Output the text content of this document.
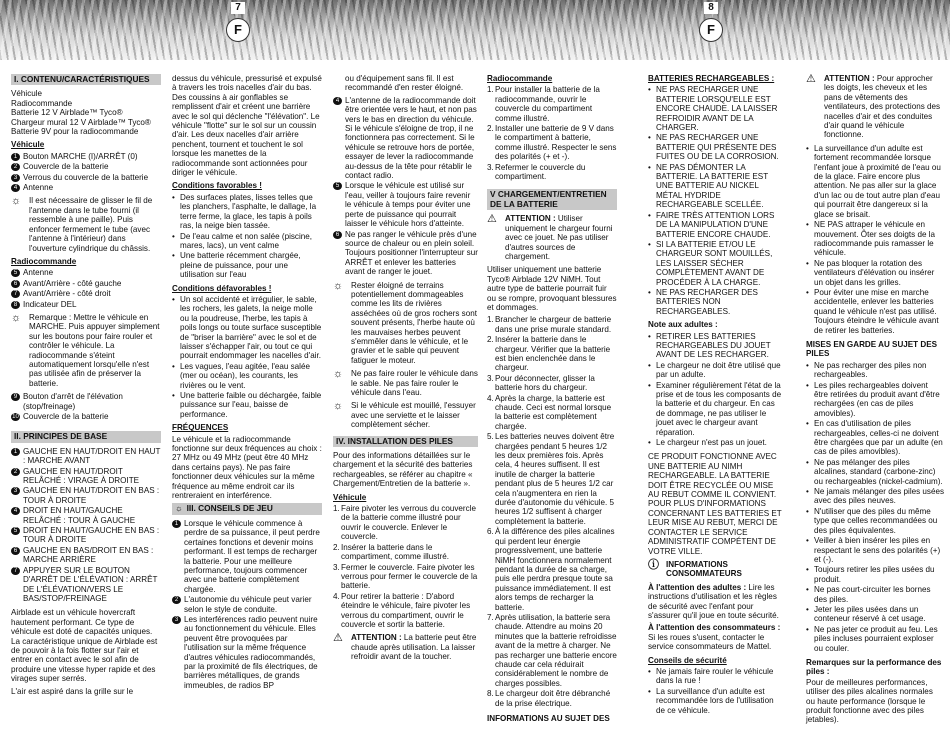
7	8
F	F
I. CONTENU/CARACTÉRISTIQUES
Véhicule
Radiocommande
Batterie 12 V Airblade™ Tyco®
Chargeur mural 12 V Airblade™ Tyco®
Batterie 9V pour la radiocommande
Véhicule
1 Bouton MARCHE (I)/ARRÊT (0)
2 Couvercle de la batterie
3 Verrous du couvercle de la batterie
4 Antenne
☼ Il est nécessaire de glisser le fil de l'antenne dans le tube fourni (il ressemble à une paille). Puis enfoncer fermement le tube (avec l'antenne à l'intérieur) dans l'ouverture cylindrique du châssis.
Radiocommande
5 Antenne
6 Avant/Arrière - côté gauche
7 Avant/Arrière - côté droit
8 Indicateur DEL
☼ Remarque : Mettre le véhicule en MARCHE. Puis appuyer simplement sur les boutons pour faire rouler et contrôler le véhicule. La radiocommande s'éteint automatiquement lorsqu'elle n'est pas utilisée afin de préserver la batterie.
9 Bouton d'arrêt de l'élévation (stop/freinage)
10 Couvercle de la batterie
II. PRINCIPES DE BASE
1 GAUCHE EN HAUT/DROIT EN HAUT : MARCHE AVANT
2 GAUCHE EN HAUT/DROIT RELÂCHÉ : VIRAGE À DROITE
3 GAUCHE EN HAUT/DROIT EN BAS : TOUR À DROITE
4 DROIT EN HAUT/GAUCHE RELÂCHÉ : TOUR À GAUCHE
5 DROIT EN HAUT/GAUCHE EN BAS : TOUR À DROITE
6 GAUCHE EN BAS/DROIT EN BAS : MARCHE ARRIÈRE
7 APPUYER SUR LE BOUTON D'ARRÊT DE L'ÉLÉVATION : ARRÊT DE L'ÉLÉVATION/VERS LE BAS/STOP/FREINAGE

Airblade est un véhicule hovercraft hautement performant. Ce type de véhicule est doté de capacités uniques. La caractéristique unique de Airblade est de pouvoir à la fois flotter sur l'air et entrer en contact avec le sol afin de produire une vitesse hyper rapide et des virages super serrés.

L'air est aspiré dans la grille sur le

dessus du véhicule, pressurisé et expulsé à travers les trois nacelles d'air du bas. Des coussins à air gonflables se remplissent d'air et créent une barrière avec le sol qui déclenche "l'élévation". Le véhicule "flotte" sur le sol sur un coussin d'air. Les deux nacelles d'air arrière penchent, tournent et touchent le sol lorsque les manettes de la radiocommande sont actionnées pour diriger le véhicule.

Conditions favorables !
• Des surfaces plates, lisses telles que les planchers, l'asphalte, le dallage, la terre ferme, la glace, les tapis à poils ras, la neige bien tassée.
• De l'eau calme et non salée (piscine, mares, lacs), un vent calme
• Une batterie récemment chargée, pleine de puissance, pour une utilisation sur l'eau
Conditions défavorables !
• Un sol accidenté et irrégulier, le sable, les rochers, les galets, la neige molle ou la poudreuse, l'herbe, les tapis à poils longs ou toute surface susceptible de "briser la barrière" avec le sol et de laisser s'échapper l'air, ou tout ce qui pourrait endommager les nacelles d'air.
• Les vagues, l'eau agitée, l'eau salée (mer ou océan), les courants, les rivières ou le vent.
• Une batterie faible ou déchargée, faible puissance sur l'eau, baisse de performance.
FRÉQUENCES

Le véhicule et la radiocommande fonctionne sur deux fréquences au choix : 27 MHz ou 49 MHz (peut être 40 MHz dans certains pays). Ne pas faire fonctionner deux véhicules sur la même fréquence au même endroit car ils rentreraient en interférence.

☼ III. CONSEILS DE JEU
1 Lorsque le véhicule commence à perdre de sa puissance, il peut perdre certaines fonctions et devenir moins performant. Il est temps de recharger la batterie. Pour une meilleure performance, toujours commencer avec une batterie complètement chargée.
2 L'autonomie du véhicule peut varier selon le style de conduite.
3 Les interférences radio peuvent nuire au fonctionnement du véhicule. Elles peuvent être provoquées par l'utilisation sur la même fréquence d'autres véhicules radiocommandés, par la proximité de fils électriques, de barrières métalliques, de grands immeubles, de radios BP

ou d'équipement sans fil. Il est recommandé d'en rester éloigné.

4 L'antenne de la radiocommande doit être orientée vers le haut, et non pas vers le bas en direction du véhicule. Si le véhicule s'éloigne de trop, il ne fonctionnera pas correctement. Si le véhicule se retrouve hors de portée, essayer de lever la radiocommande au-dessus de la tête pour rétablir le contact radio.
5 Lorsque le véhicule est utilisé sur l'eau, veiller à toujours faire revenir le véhicule à temps pour éviter une perte de puissance qui pourrait laisser le véhicule hors d'atteinte.
6 Ne pas ranger le véhicule près d'une source de chaleur ou en plein soleil. Toujours positionner l'interrupteur sur ARRÊT et enlever les batteries avant de ranger le jouet.
☼ Rester éloigné de terrains potentiellement dommageables comme les lits de rivières asséchées où de gros rochers sont souvent présents, l'herbe haute où les mauvaises herbes peuvent s'emmêler dans le véhicule, et le gravier et le sable qui peuvent fatiguer le moteur.
☼ Ne pas faire rouler le véhicule dans le sable. Ne pas faire rouler le véhicule dans l'eau.
☼ Si le véhicule est mouillé, l'essuyer avec une serviette et le laisser complètement sécher.
IV. INSTALLATION DES PILES

Pour des informations détaillées sur le chargement et la sécurité des batteries rechargeables, se référer au chapitre « Chargement/Entretien de la batterie ».

Véhicule
1. Faire pivoter les verrous du couvercle de la batterie comme illustré pour ouvrir le couvercle. Enlever le couvercle.
2. Insérer la batterie dans le compartiment, comme illustré.
3. Fermer le couvercle. Faire pivoter les verrous pour fermer le couvercle de la batterie.
4. Pour retirer la batterie : D'abord éteindre le véhicule, faire pivoter les verrous du compartiment, ouvrir le couvercle et sortir la batterie.
⚠	ATTENTION : La batterie peut être chaude après utilisation. La laisser refroidir avant de la toucher.
Radiocommande
1. Pour installer la batterie de la radiocommande, ouvrir le couvercle du compartiment comme illustré.
2. Installer une batterie de 9 V dans le compartiment à batterie, comme illustré. Respecter le sens des polarités (+ et -).
3. Refermer le couvercle du compartiment.
V CHARGEMENT/ENTRETIEN DE LA BATTERIE
⚠	ATTENTION : Utiliser uniquement le chargeur fourni avec ce jouet. Ne pas utiliser d'autres sources de chargement.

Utiliser uniquement une batterie Tyco® Airblade 12V NiMH. Tout autre type de batterie pourrait fuir ou se rompre, provoquant blessures et dommages.

1. Brancher le chargeur de batterie dans une prise murale standard.
2. Insérer la batterie dans le chargeur. Vérifier que la batterie est bien enclenchée dans le chargeur.
3. Pour déconnecter, glisser la batterie hors du chargeur.
4. Après la charge, la batterie est chaude. Ceci est normal lorsque la batterie est complètement chargée.
5. Les batteries neuves doivent être chargées pendant 5 heures 1/2 les deux premières fois. Après cela, 4 heures suffisent. Il est inutile de charger la batterie pendant plus de 5 heures 1/2 car cela n'augmentera en rien la durée d'autonomie du véhicule. 5 heures 1/2 suffisent à charger complètement la batterie.
6. À la différence des piles alcalines qui perdent leur énergie progressivement, une batterie NiMH fonctionnera normalement pendant la durée de sa charge, puis elle perdra presque toute sa puissance immédiatement. Il est alors temps de recharger la batterie.
7. Après utilisation, la batterie sera chaude. Attendre au moins 20 minutes que la batterie refroidisse avant de la mettre à charger. Ne pas recharger une batterie encore chaude car cela réduirait considérablement le nombre de charges possibles.
8. Le chargeur doit être débranché de la prise électrique.
INFORMATIONS AU SUJET DES
BATTERIES RECHARGEABLES :
• NE PAS RECHARGER UNE BATTERIE LORSQU'ELLE EST ENCORE CHAUDE. LA LAISSER REFROIDIR AVANT DE LA CHARGER.
• NE PAS RECHARGER UNE BATTERIE QUI PRÉSENTE DES FUITES OU DE LA CORROSION.
• NE PAS DÉMONTER LA BATTERIE. LA BATTERIE EST UNE BATTERIE AU NICKEL MÉTAL HYDRIDE RECHARGEABLE SCELLÉE.
• FAIRE TRÈS ATTENTION LORS DE LA MANIPULATION D'UNE BATTERIE ENCORE CHAUDE.
• SI LA BATTERIE ET/OU LE CHARGEUR SONT MOUILLÉS, LES LAISSER SÉCHER COMPLÈTEMENT AVANT DE PROCÉDER À LA CHARGE.
• NE PAS RECHARGER DES BATTERIES NON RECHARGEABLES.
Note aux adultes :
• RETIRER LES BATTERIES RECHARGEABLES DU JOUET AVANT DE LES RECHARGER.
• Le chargeur ne doit être utilisé que par un adulte.
• Examiner régulièrement l'état de la prise et de tous les composants de la batterie et du chargeur. En cas de dommage, ne pas utiliser le jouet avec le chargeur avant réparation.
• Le chargeur n'est pas un jouet.

CE PRODUIT FONCTIONNE AVEC UNE BATTERIE AU NIMH RECHARGEABLE. LA BATTERIE DOIT ÊTRE RECYCLÉE OU MISE AU REBUT COMME IL CONVIENT. POUR PLUS D'INFORMATIONS CONCERNANT LES BATTERIES ET LEUR MISE AU REBUT, MERCI DE CONTACTER LE SERVICE ADMINISTRATIF COMPÉTENT DE VOTRE VILLE.

ⓘ INFORMATIONS CONSOMMATEURS

À l'attention des adultes : Lire les instructions d'utilisation et les règles de sécurité avec l'enfant pour s'assurer qu'il joue en toute sécurité.

À l'attention des consommateurs : Si les roues s'usent, contacter le service consommateurs de Mattel.

Conseils de sécurité
• Ne jamais faire rouler le véhicule dans la rue !
• La surveillance d'un adulte est recommandée lors de l'utilisation de ce véhicule.
⚠	ATTENTION : Pour approcher les doigts, les cheveux et les pans de vêtements des ventilateurs, des protections des nacelles d'air et des conduites d'air quand le véhicule fonctionne.
• La surveillance d'un adulte est fortement recommandée lorsque l'enfant joue à proximité de l'eau ou de la glace. Faire encore plus attention. Ne pas aller sur la glace d'un lac ou de tout autre plan d'eau qui pourrait être dangereux si la glace se brisait.
• NE PAS attraper le véhicule en mouvement. Ôter ses doigts de la radiocommande puis ramasser le véhicule.
• Ne pas bloquer la rotation des ventilateurs d'élévation ou insérer un objet dans les grilles.
• Pour éviter une mise en marche accidentelle, enlever les batteries quand le véhicule n'est pas utilisé. Toujours éteindre le véhicule avant de retirer les batteries.
MISES EN GARDE AU SUJET DES PILES
• Ne pas recharger des piles non rechargeables.
• Les piles rechargeables doivent être retirées du produit avant d'être rechargées (en cas de piles amovibles).
• En cas d'utilisation de piles rechargeables, celles-ci ne doivent être chargées que par un adulte (en cas de piles amovibles).
• Ne pas mélanger des piles alcalines, standard (carbone-zinc) ou rechargeables (nickel-cadmium).
• Ne jamais mélanger des piles usées avec des piles neuves.
• N'utiliser que des piles du même type que celles recommandées ou des piles équivalentes.
• Veiller à bien insérer les piles en respectant le sens des polarités (+) et (-).
• Toujours retirer les piles usées du produit.
• Ne pas court-circuiter les bornes des piles.
• Jeter les piles usées dans un conteneur réservé à cet usage.
• Ne pas jeter ce produit au feu. Les piles incluses pourraient exploser ou couler.
Remarques sur la performance des piles :

Pour de meilleures performances, utiliser des piles alcalines normales ou haute performance (lorsque le produit fonctionne avec des piles jetables).
